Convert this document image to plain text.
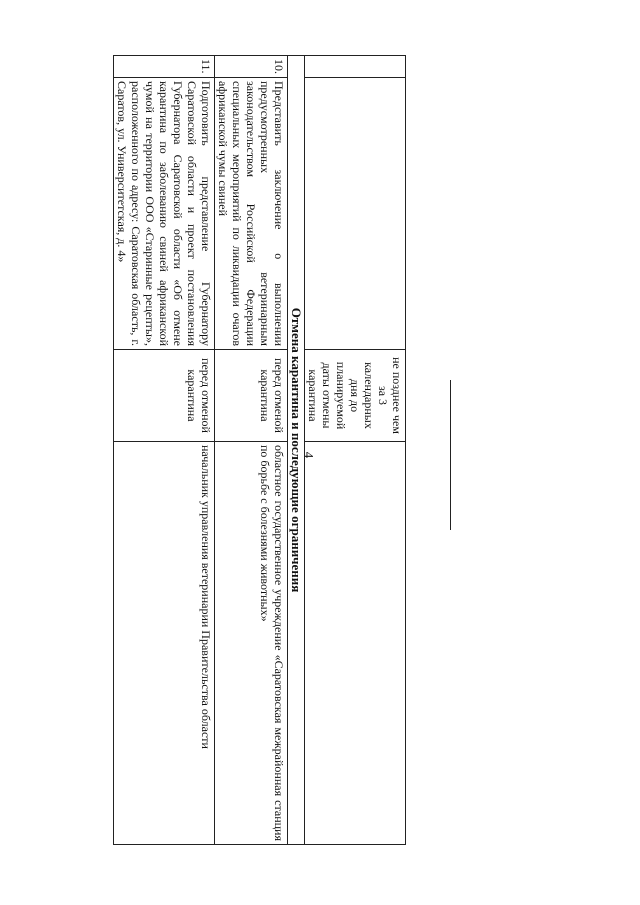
4
		не позднее чем за 3 календарных дня до планируемой даты отмены карантина	
Отмена карантина и последующие ограничения			
10.	Представить заключение о выполнении предусмотренных ветеринарным законодательством Российской Федерации специальных мероприятий по ликвидации очагов африканской чумы свиней	перед отменой карантина	областное государственное учреждение «Саратовская межрайонная станция по борьбе с болезнями животных»
11.	Подготовить представление Губернатору Саратовской области и проект постановления Губернатора Саратовской области «Об отмене карантина по заболеванию свиней африканской чумой на территории ООО «Старинные рецепты», расположенного по адресу: Саратовская область, г. Саратов, ул. Университетская, д. 4»	перед отменой карантина	начальник управления ветеринарии Правительства области
